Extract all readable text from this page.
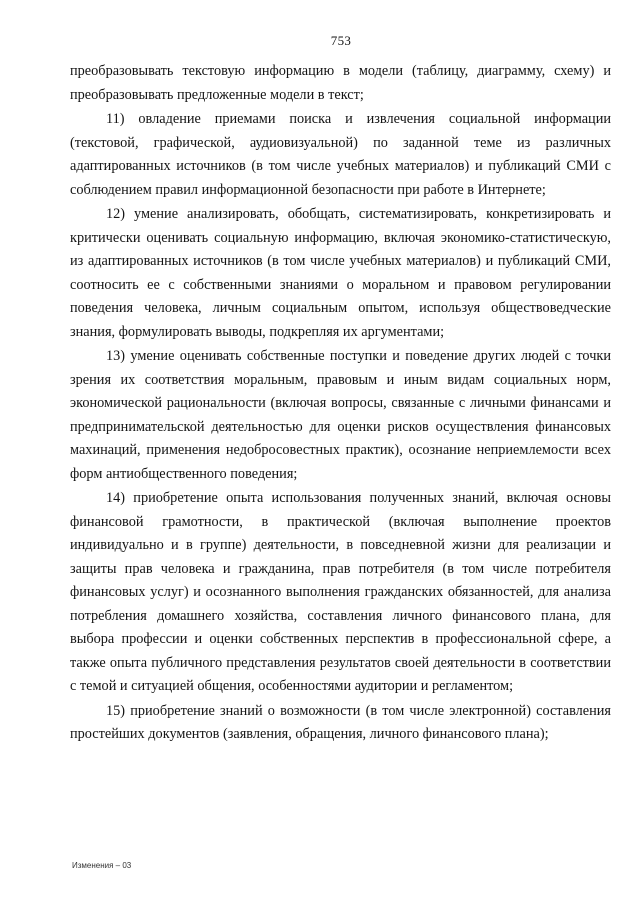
753

преобразовывать текстовую информацию в модели (таблицу, диаграмму, схему) и преобразовывать предложенные модели в текст;

11) овладение приемами поиска и извлечения социальной информации (текстовой, графической, аудиовизуальной) по заданной теме из различных адаптированных источников (в том числе учебных материалов) и публикаций СМИ с соблюдением правил информационной безопасности при работе в Интернете;

12) умение анализировать, обобщать, систематизировать, конкретизировать и критически оценивать социальную информацию, включая экономико-статистическую, из адаптированных источников (в том числе учебных материалов) и публикаций СМИ, соотносить ее с собственными знаниями о моральном и правовом регулировании поведения человека, личным социальным опытом, используя обществоведческие знания, формулировать выводы, подкрепляя их аргументами;

13) умение оценивать собственные поступки и поведение других людей с точки зрения их соответствия моральным, правовым и иным видам социальных норм, экономической рациональности (включая вопросы, связанные с личными финансами и предпринимательской деятельностью для оценки рисков осуществления финансовых махинаций, применения недобросовестных практик), осознание неприемлемости всех форм антиобщественного поведения;

14) приобретение опыта использования полученных знаний, включая основы финансовой грамотности, в практической (включая выполнение проектов индивидуально и в группе) деятельности, в повседневной жизни для реализации и защиты прав человека и гражданина, прав потребителя (в том числе потребителя финансовых услуг) и осознанного выполнения гражданских обязанностей, для анализа потребления домашнего хозяйства, составления личного финансового плана, для выбора профессии и оценки собственных перспектив в профессиональной сфере, а также опыта публичного представления результатов своей деятельности в соответствии с темой и ситуацией общения, особенностями аудитории и регламентом;

15) приобретение знаний о возможности (в том числе электронной) составления простейших документов (заявления, обращения, личного финансового плана);

Изменения – 03
